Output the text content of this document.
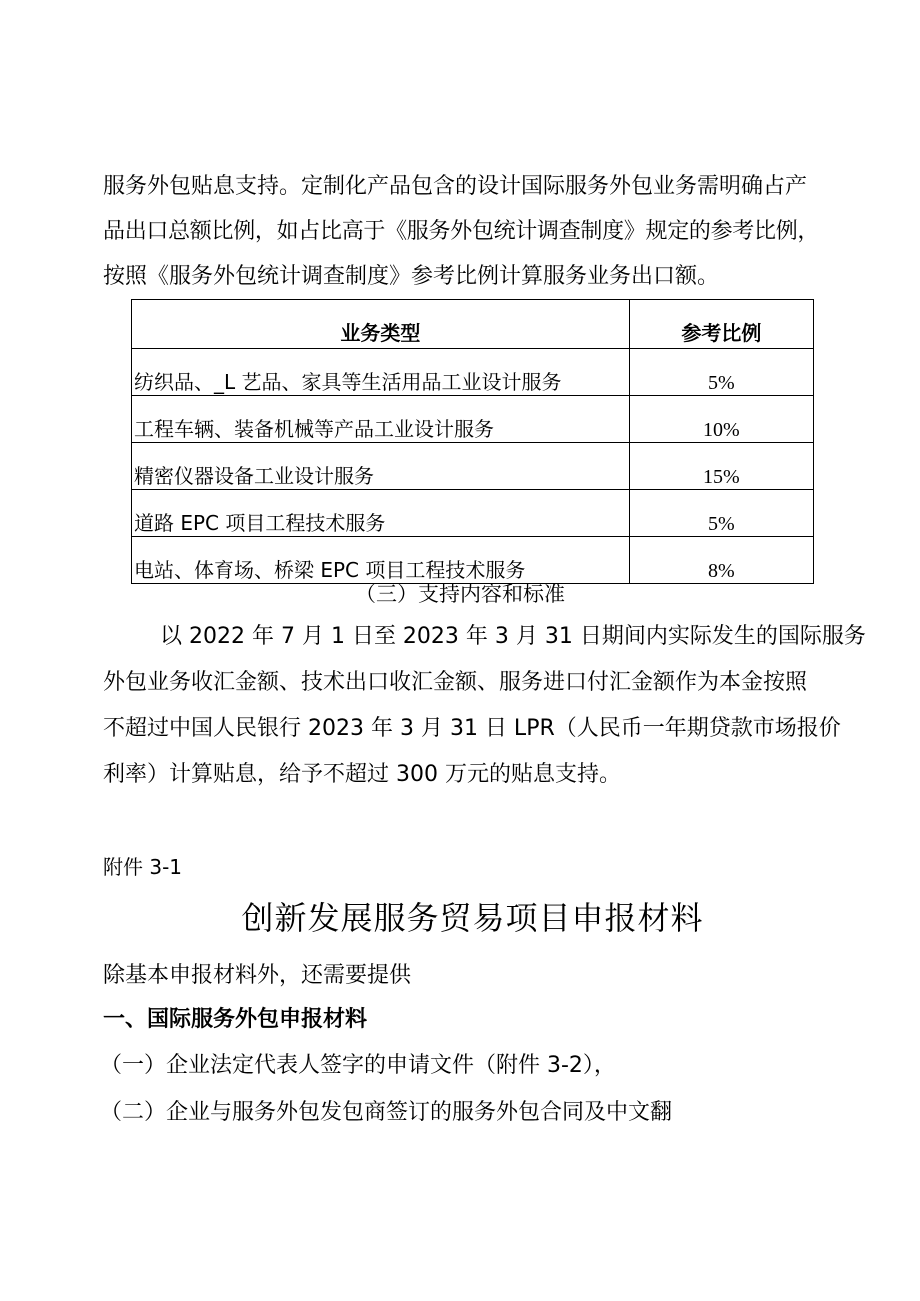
服务外包贴息支持。定制化产品包含的设计国际服务外包业务需明确占产
品出口总额比例，如占比高于《服务外包统计调查制度》规定的参考比例，
按照《服务外包统计调查制度》参考比例计算服务业务出口额。
业务类型	参考比例
纺织品、_L 艺品、家具等生活用品工业设计服务	5%
工程车辆、装备机械等产品工业设计服务	10%
精密仪器设备工业设计服务	15%
道路 EPC 项目工程技术服务	5%
电站、体育场、桥梁 EPC 项目工程技术服务	8%
（三）支持内容和标准
以 2022 年 7 月 1 日至 2023 年 3 月 31 日期间内实际发生的国际服务
外包业务收汇金额、技术出口收汇金额、服务进口付汇金额作为本金按照
不超过中国人民银行 2023 年 3 月 31 日 LPR（人民币一年期贷款市场报价
利率）计算贴息，给予不超过 300 万元的贴息支持。
附件 3-1
创新发展服务贸易项目申报材料
除基本申报材料外，还需要提供
一、国际服务外包申报材料
（一）企业法定代表人签字的申请文件（附件 3-2），
（二）企业与服务外包发包商签订的服务外包合同及中文翻
